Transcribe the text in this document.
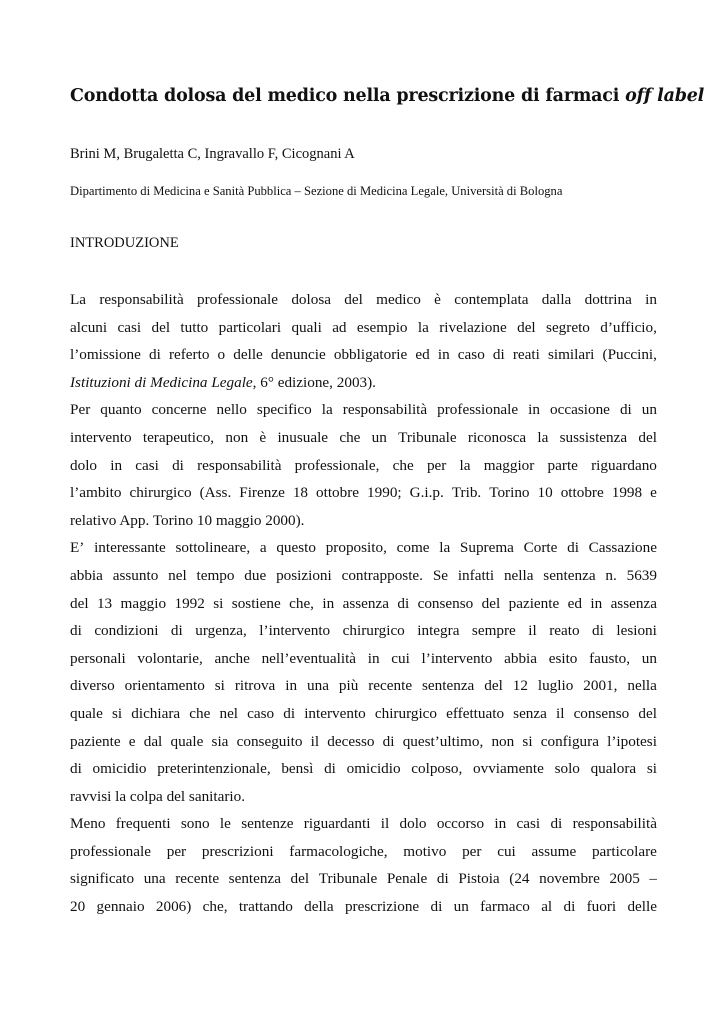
Condotta dolosa del medico nella prescrizione di farmaci off label
Brini M, Brugaletta C, Ingravallo F, Cicognani A
Dipartimento di Medicina e Sanità Pubblica – Sezione di Medicina Legale, Università di Bologna
INTRODUZIONE
La responsabilità professionale dolosa del medico è contemplata dalla dottrina in
alcuni casi del tutto particolari quali ad esempio la rivelazione del segreto d’ufficio,
l’omissione di referto o delle denuncie obbligatorie ed in caso di reati similari (Puccini,
Istituzioni di Medicina Legale , 6° edizione, 2003).
Per quanto concerne nello specifico la responsabilità professionale in occasione di un
intervento terapeutico, non è inusuale che un Tribunale riconosca la sussistenza del
dolo in casi di responsabilità professionale, che per la maggior parte riguardano
l’ambito chirurgico (Ass. Firenze 18 ottobre 1990; G.i.p. Trib. Torino 10 ottobre 1998 e
relativo App. Torino 10 maggio 2000).
E’ interessante sottolineare, a questo proposito, come la Suprema Corte di Cassazione
abbia assunto nel tempo due posizioni contrapposte. Se infatti nella sentenza n. 5639
del 13 maggio 1992 si sostiene che, in assenza di consenso del paziente ed in assenza
di condizioni di urgenza, l’intervento chirurgico integra sempre il reato di lesioni
personali volontarie, anche nell’eventualità in cui l’intervento abbia esito fausto, un
diverso orientamento si ritrova in una più recente sentenza del 12 luglio 2001, nella
quale si dichiara che nel caso di intervento chirurgico effettuato senza il consenso del
paziente e dal quale sia conseguito il decesso di quest’ultimo, non si configura l’ipotesi
di omicidio preterintenzionale, bensì di omicidio colposo, ovviamente solo qualora si
ravvisi la colpa del sanitario.
Meno frequenti sono le sentenze riguardanti il dolo occorso in casi di responsabilità
professionale per prescrizioni farmacologiche, motivo per cui assume particolare
significato una recente sentenza del Tribunale Penale di Pistoia (24 novembre 2005 –
20 gennaio 2006) che, trattando della prescrizione di un farmaco al di fuori delle
